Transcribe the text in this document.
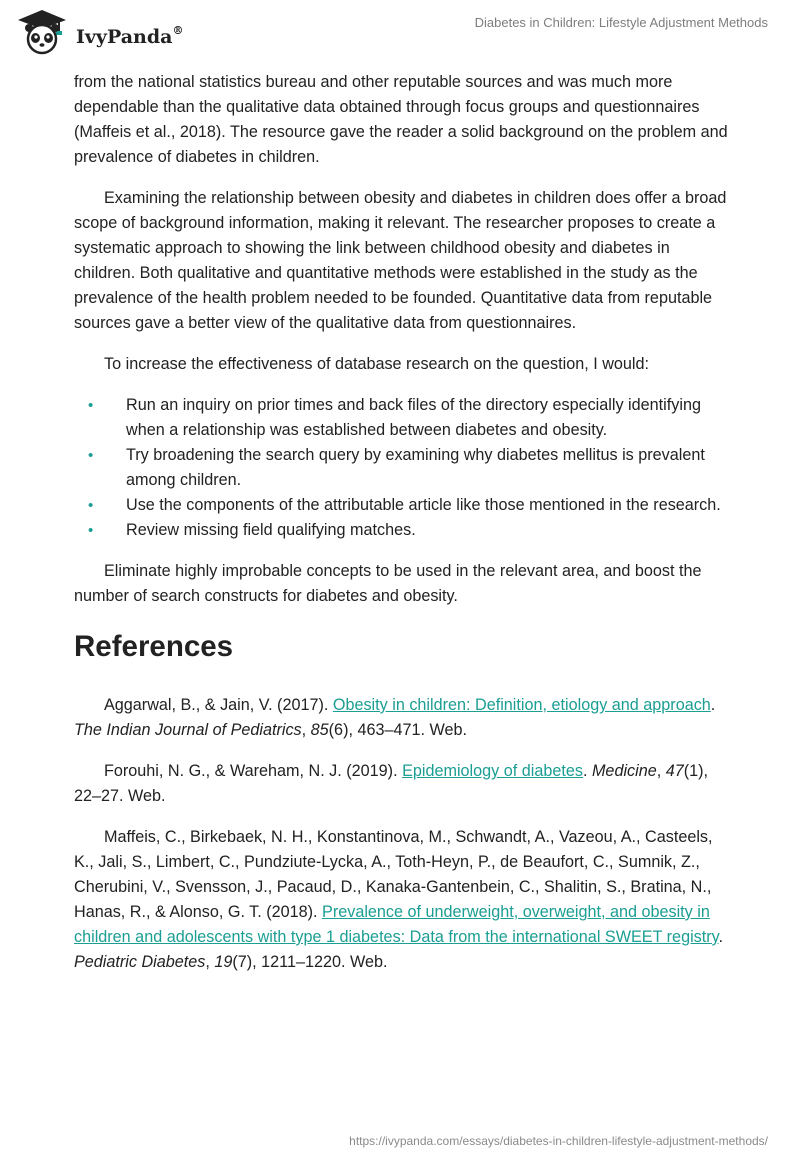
IvyPanda®
Diabetes in Children: Lifestyle Adjustment Methods

from the national statistics bureau and other reputable sources and was much more dependable than the qualitative data obtained through focus groups and questionnaires (Maffeis et al., 2018). The resource gave the reader a solid background on the problem and prevalence of diabetes in children.

Examining the relationship between obesity and diabetes in children does offer a broad scope of background information, making it relevant. The researcher proposes to create a systematic approach to showing the link between childhood obesity and diabetes in children. Both qualitative and quantitative methods were established in the study as the prevalence of the health problem needed to be founded. Quantitative data from reputable sources gave a better view of the qualitative data from questionnaires.

To increase the effectiveness of database research on the question, I would:

• Run an inquiry on prior times and back files of the directory especially identifying when a relationship was established between diabetes and obesity.
• Try broadening the search query by examining why diabetes mellitus is prevalent among children.
• Use the components of the attributable article like those mentioned in the research.
• Review missing field qualifying matches.

Eliminate highly improbable concepts to be used in the relevant area, and boost the number of search constructs for diabetes and obesity.

References

Aggarwal, B., & Jain, V. (2017). Obesity in children: Definition, etiology and approach. The Indian Journal of Pediatrics, 85(6), 463–471. Web.

Forouhi, N. G., & Wareham, N. J. (2019). Epidemiology of diabetes. Medicine, 47(1), 22–27. Web.

Maffeis, C., Birkebaek, N. H., Konstantinova, M., Schwandt, A., Vazeou, A., Casteels, K., Jali, S., Limbert, C., Pundziute-Lycka, A., Toth-Heyn, P., de Beaufort, C., Sumnik, Z., Cherubini, V., Svensson, J., Pacaud, D., Kanaka-Gantenbein, C., Shalitin, S., Bratina, N., Hanas, R., & Alonso, G. T. (2018). Prevalence of underweight, overweight, and obesity in children and adolescents with type 1 diabetes: Data from the international SWEET registry. Pediatric Diabetes, 19(7), 1211–1220. Web.

https://ivypanda.com/essays/diabetes-in-children-lifestyle-adjustment-methods/
